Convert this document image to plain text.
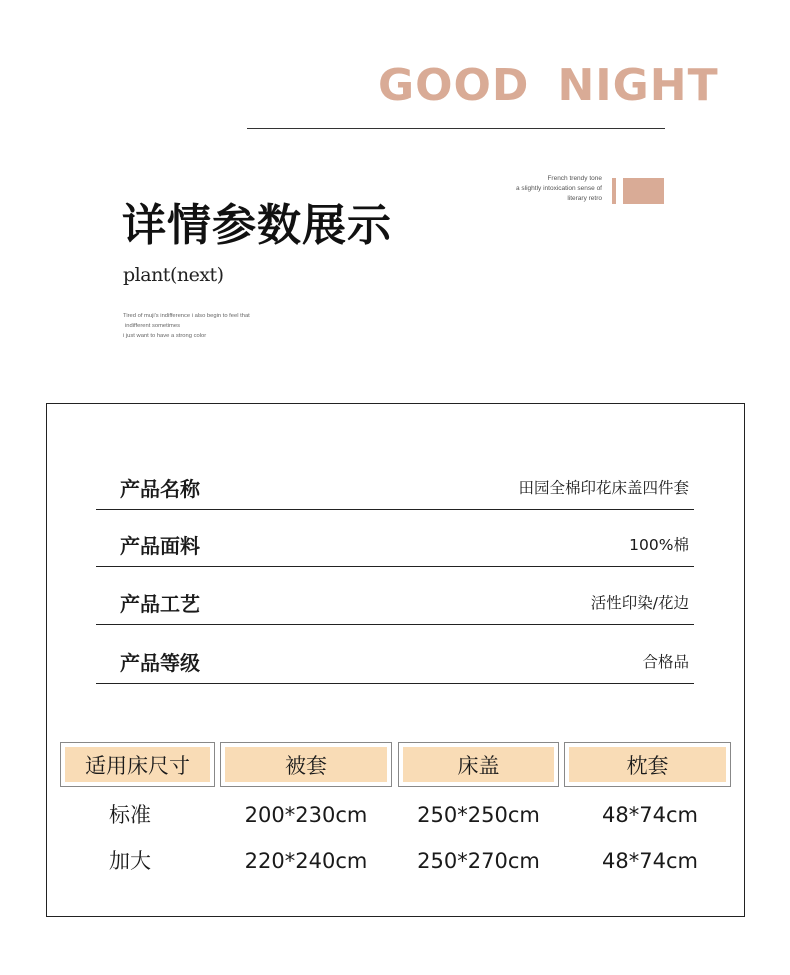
GOOD NIGHT
French trendy tone
a slightly intoxication sense of
literary retro
详情参数展示
plant(next)
Tired of muji's indifference i also begin to feel that
indifferent sometimes
i just want to have a strong color
产品名称	田园全棉印花床盖四件套
产品面料	100%棉
产品工艺	活性印染/花边
产品等级	合格品
适用床尺寸	被套	床盖	枕套
标准	200*230cm	250*250cm	48*74cm
加大	220*240cm	250*270cm	48*74cm
